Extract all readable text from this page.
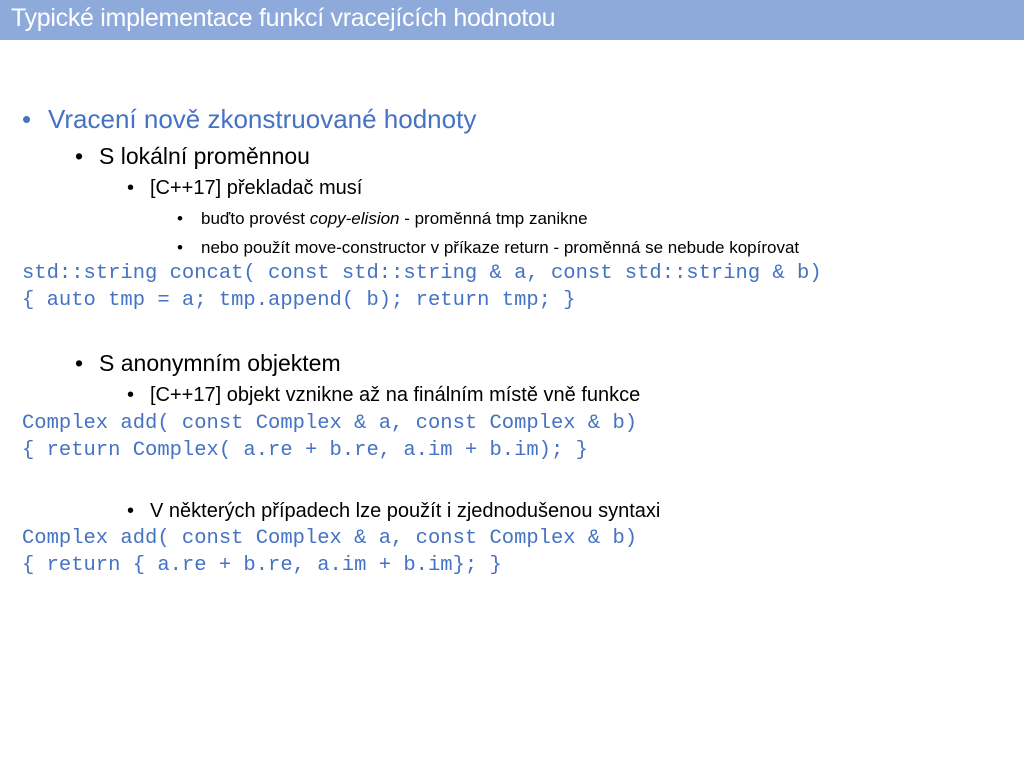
Typické implementace funkcí vracejících hodnotou
• Vracení nově zkonstruované hodnoty
• S lokální proměnnou
• [C++17] překladač musí
• buďto provést copy-elision - proměnná tmp zanikne
• nebo použít move-constructor v příkaze return - proměnná se nebude kopírovat
std::string concat( const std::string & a, const std::string & b)
{ auto tmp = a; tmp.append( b); return tmp; }
• S anonymním objektem
• [C++17] objekt vznikne až na finálním místě vně funkce
Complex add( const Complex & a, const Complex & b)
{ return Complex( a.re + b.re, a.im + b.im); }
• V některých případech lze použít i zjednodušenou syntaxi
Complex add( const Complex & a, const Complex & b)
{ return { a.re + b.re, a.im + b.im}; }
